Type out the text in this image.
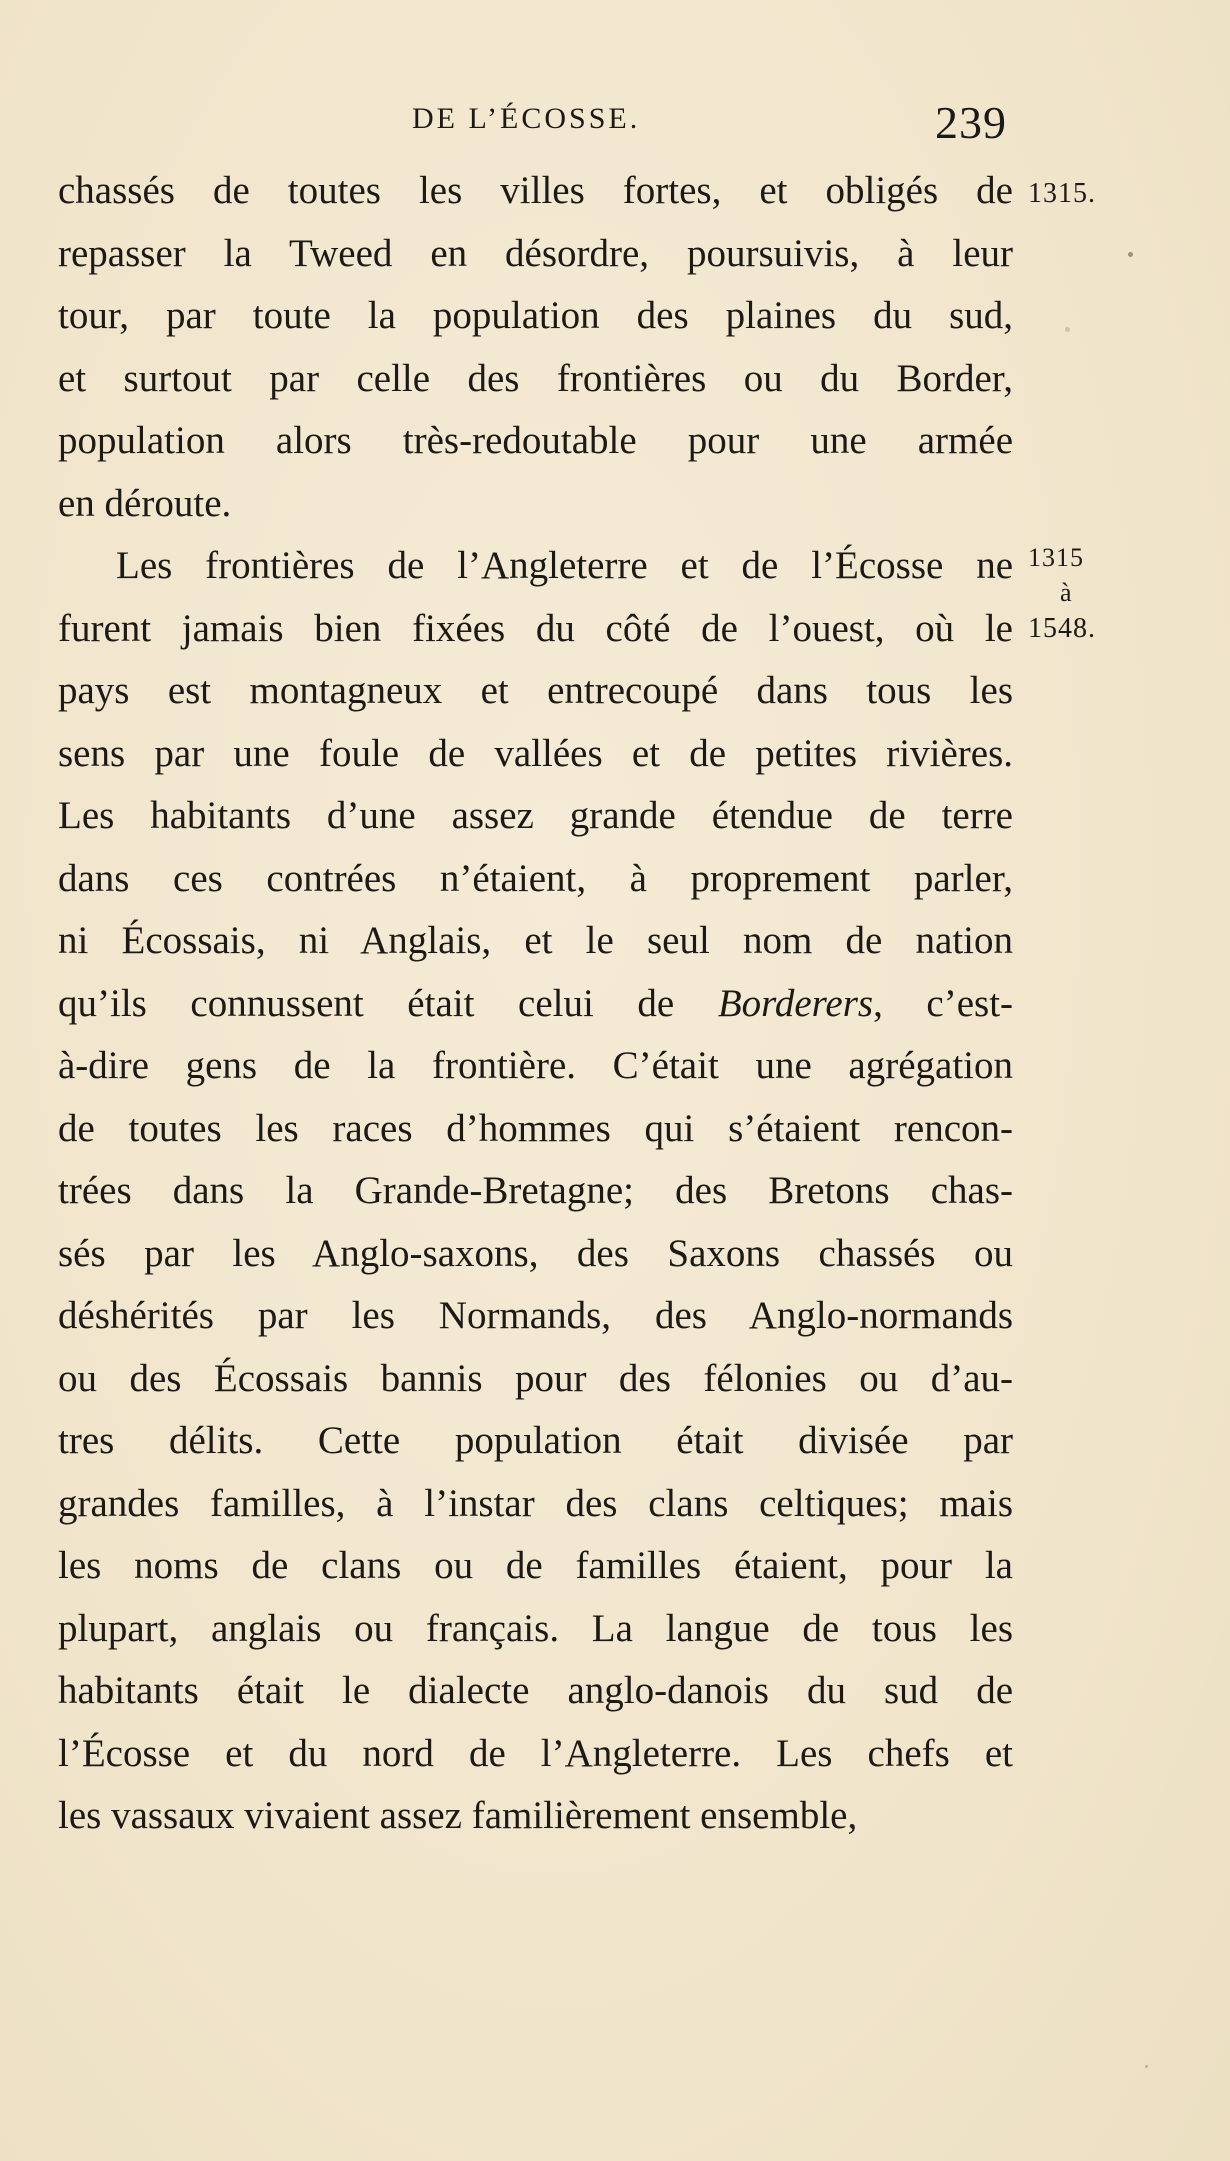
DE L’ÉCOSSE.	239
1315.
1315
à
1548.
chassés de toutes les villes fortes, et obligés de
repasser la Tweed en désordre, poursuivis, à leur
tour, par toute la population des plaines du sud,
et surtout par celle des frontières ou du Border,
population alors très-redoutable pour une armée
en déroute.
Les frontières de l’Angleterre et de l’Écosse ne
furent jamais bien fixées du côté de l’ouest, où le
pays est montagneux et entrecoupé dans tous les
sens par une foule de vallées et de petites rivières.
Les habitants d’une assez grande étendue de terre
dans ces contrées n’étaient, à proprement parler,
ni Écossais, ni Anglais, et le seul nom de nation
qu’ils connussent était celui de Borderers, c’est-
à-dire gens de la frontière. C’était une agrégation
de toutes les races d’hommes qui s’étaient rencon-
trées dans la Grande-Bretagne; des Bretons chas-
sés par les Anglo-saxons, des Saxons chassés ou
déshérités par les Normands, des Anglo-normands
ou des Écossais bannis pour des félonies ou d’au-
tres délits. Cette population était divisée par
grandes familles, à l’instar des clans celtiques; mais
les noms de clans ou de familles étaient, pour la
plupart, anglais ou français. La langue de tous les
habitants était le dialecte anglo-danois du sud de
l’Écosse et du nord de l’Angleterre. Les chefs et
les vassaux vivaient assez familièrement ensemble,
